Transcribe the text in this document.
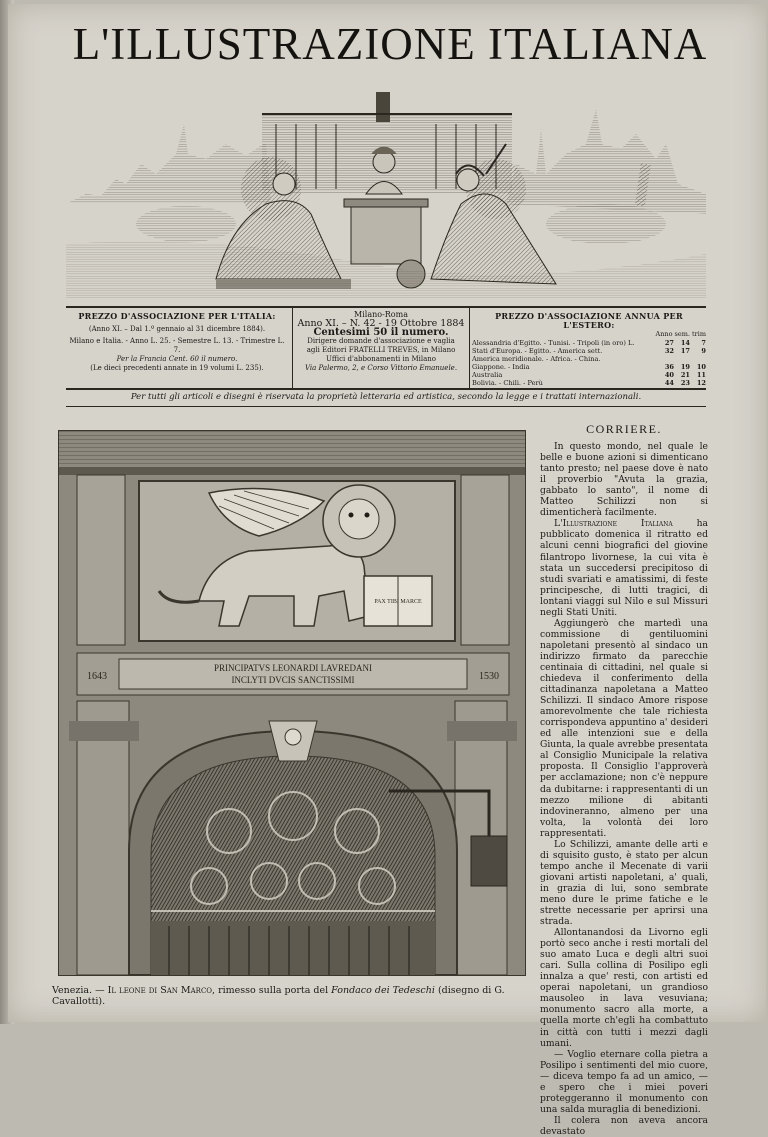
L'ILLUSTRAZIONE ITALIANA
PREZZO D'ASSOCIAZIONE PER L'ITALIA:
(Anno XI. – Dal 1.º gennaio al 31 dicembre 1884).
Milano e Italia. - Anno L. 25. - Semestre L. 13. - Trimestre L. 7.
Per la Francia Cent. 60 il numero.
(Le dieci precedenti annate in 19 volumi L. 235).
Milano-Roma
Anno XI. – N. 42 - 19 Ottobre 1884
Centesimi 50 il numero.
Dirigere domande d'associazione e vaglia
agli Editori FRATELLI TREVES, in Milano
Uffici d'abbonamenti in Milano
Via Palermo, 2, e Corso Vittorio Emanuele.
PREZZO D'ASSOCIAZIONE ANNUA PER L'ESTERO:
Anno sem. trim
Alessandria d'Egitto. - Tunisi. - Tripoli (in oro) L.	27	14	7
Stati d'Europa. - Egitto. - America sett.	32	17	9
America meridionale. - Africa. - China.			
Giappone. - India	36	19	10
Australia	40	21	11
Bolivia. - Chili. - Perù	44	23	12
Per tutti gli articoli e disegni è riservata la proprietà letteraria ed artistica, secondo la legge e i trattati internazionali.
PAX TIBI MARCE
1643	1530
PRINCIPATVS LEONARDI LAVREDANI
INCLYTI DVCIS SANCTISSIMI
Venezia. — Il leone di San Marco, rimesso sulla porta del Fondaco dei Tedeschi (disegno di G. Cavallotti).
CORRIERE.

In questo mondo, nel quale le belle e buone azioni si dimenticano tanto presto; nel paese dove è nato il proverbio "Avuta la grazia, gabbato lo santo", il nome di Matteo Schilizzi non si dimenticherà facilmente.

L'Illustrazione Italiana ha pubblicato domenica il ritratto ed alcuni cenni biografici del giovine filantropo livornese, la cui vita è stata un succedersi precipitoso di studi svariati e amatissimi, di feste principesche, di lutti tragici, di lontani viaggi sul Nilo e sul Missuri negli Stati Uniti.

Aggiungerò che martedì una commissione di gentiluomini napoletani presentò al sindaco un indirizzo firmato da parecchie centinaia di cittadini, nel quale si chiedeva il conferimento della cittadinanza napoletana a Matteo Schilizzi. Il sindaco Amore rispose amorevolmente che tale richiesta corrispondeva appuntino a' desideri ed alle intenzioni sue e della Giunta, la quale avrebbe presentata al Consiglio Municipale la relativa proposta. Il Consiglio l'approverà per acclamazione; non c'è neppure da dubitarne: i rappresentanti di un mezzo milione di abitanti indovineranno, almeno per una volta, la volontà dei loro rappresentati.

Lo Schilizzi, amante delle arti e di squisito gusto, è stato per alcun tempo anche il Mecenate di varii giovani artisti napoletani, a' quali, in grazia di lui, sono sembrate meno dure le prime fatiche e le strette necessarie per aprirsi una strada.

Allontanandosi da Livorno egli portò seco anche i resti mortali del suo amato Luca e degli altri suoi cari. Sulla collina di Posilipo egli innalza a que' resti, con artisti ed operai napoletani, un grandioso mausoleo in lava vesuviana; monumento sacro alla morte, a quella morte ch'egli ha combattuto in città con tutti i mezzi dagli umani.

— Voglio eternare colla pietra a Posilipo i sentimenti del mio cuore, — diceva tempo fa ad un amico, — e spero che i miei poveri proteggeranno il monumento con una salda muraglia di benedizioni.

Il colera non aveva ancora devastato
